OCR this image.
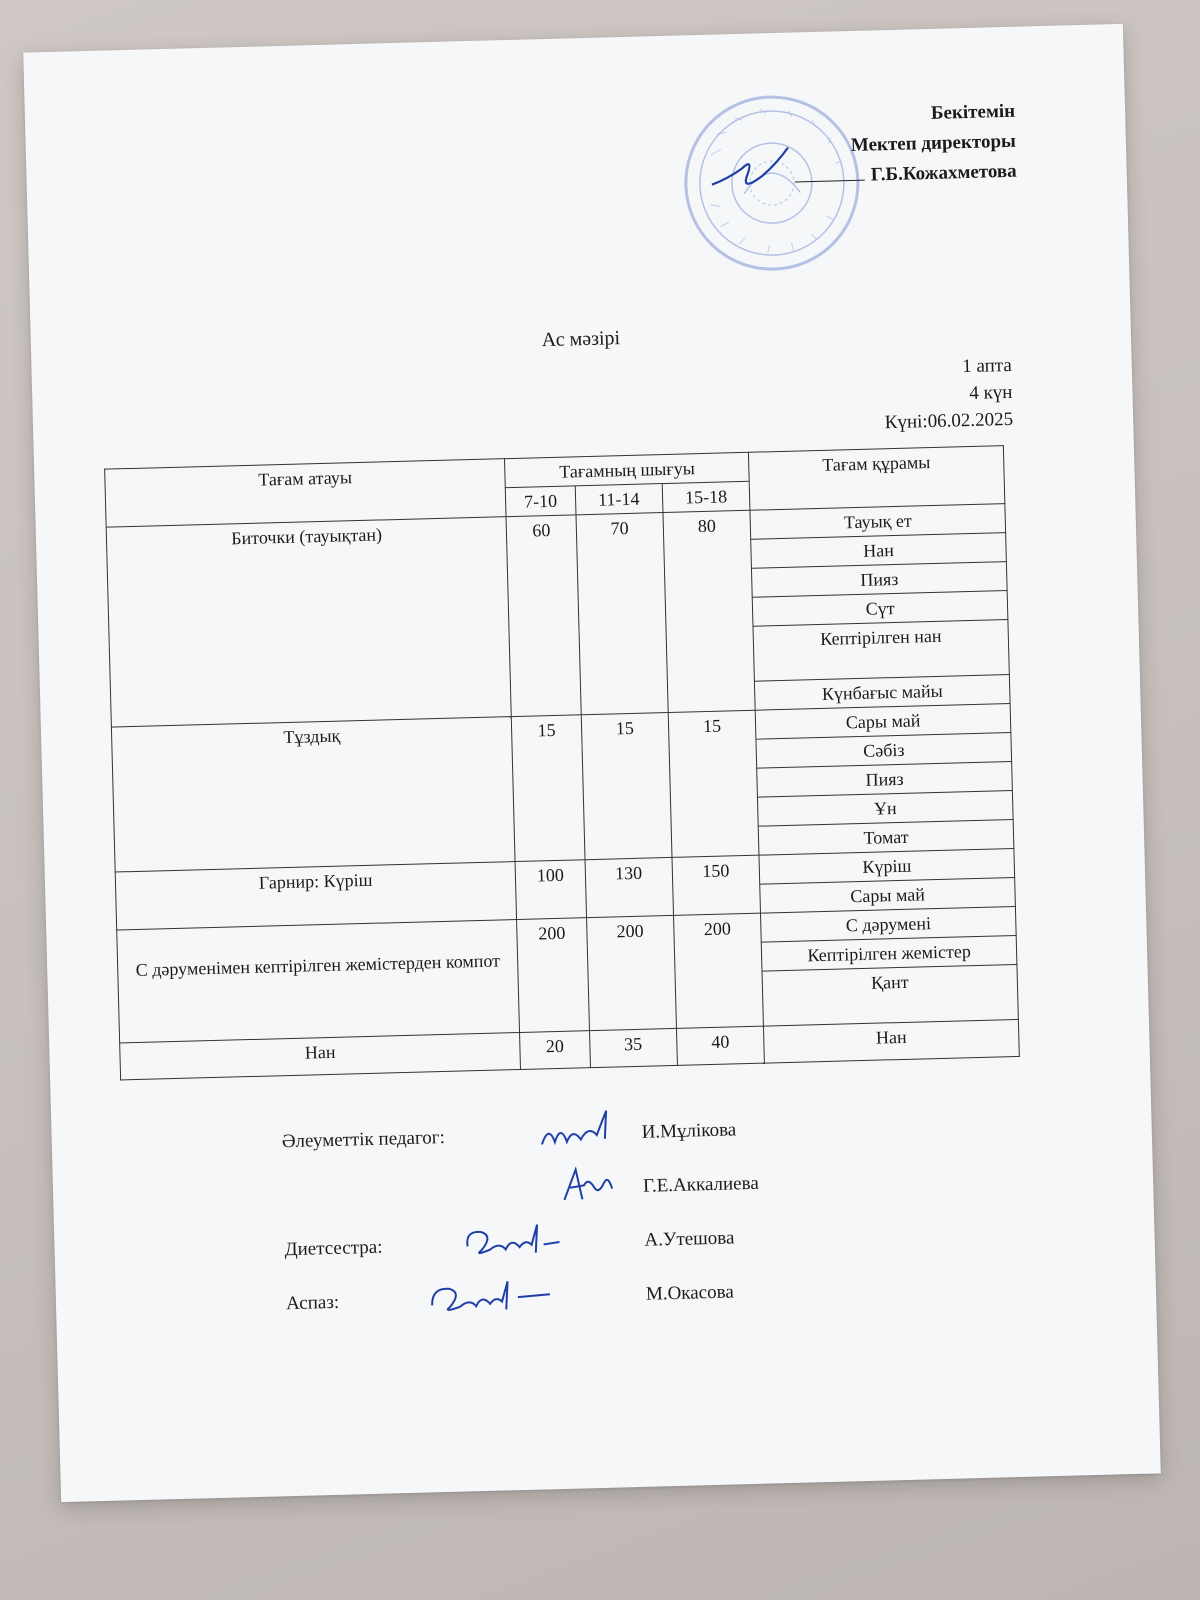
Бекітемін
Мектеп директоры
Г.Б.Кожахметова
Ас мәзірі
1 апта
4 күн
Күні:06.02.2025
Тағам атауы	Тағамның шығуы			Тағам құрамы
	7-10	11-14	15-18	
Биточки (тауықтан)	60	70	80	Тауық ет
				Нан
				Пияз
				Сүт
				Кептірілген нан
				Күнбағыс майы
Тұздық	15	15	15	Сары май
				Сәбіз
				Пияз
				Ұн
				Томат
Гарнир: Күріш	100	130	150	Күріш
				Сары май

С дәруменімен кептірілген жемістерден компот	200	200	200	С дәрумені
				Кептірілген жемістер
				Қант
Нан	20	35	40	Нан
Әлеуметтік педагог:	И.Мұлікова
Г.Е.Аккалиева
Диетсестра:	А.Утешова
Аспаз:	М.Окасова
